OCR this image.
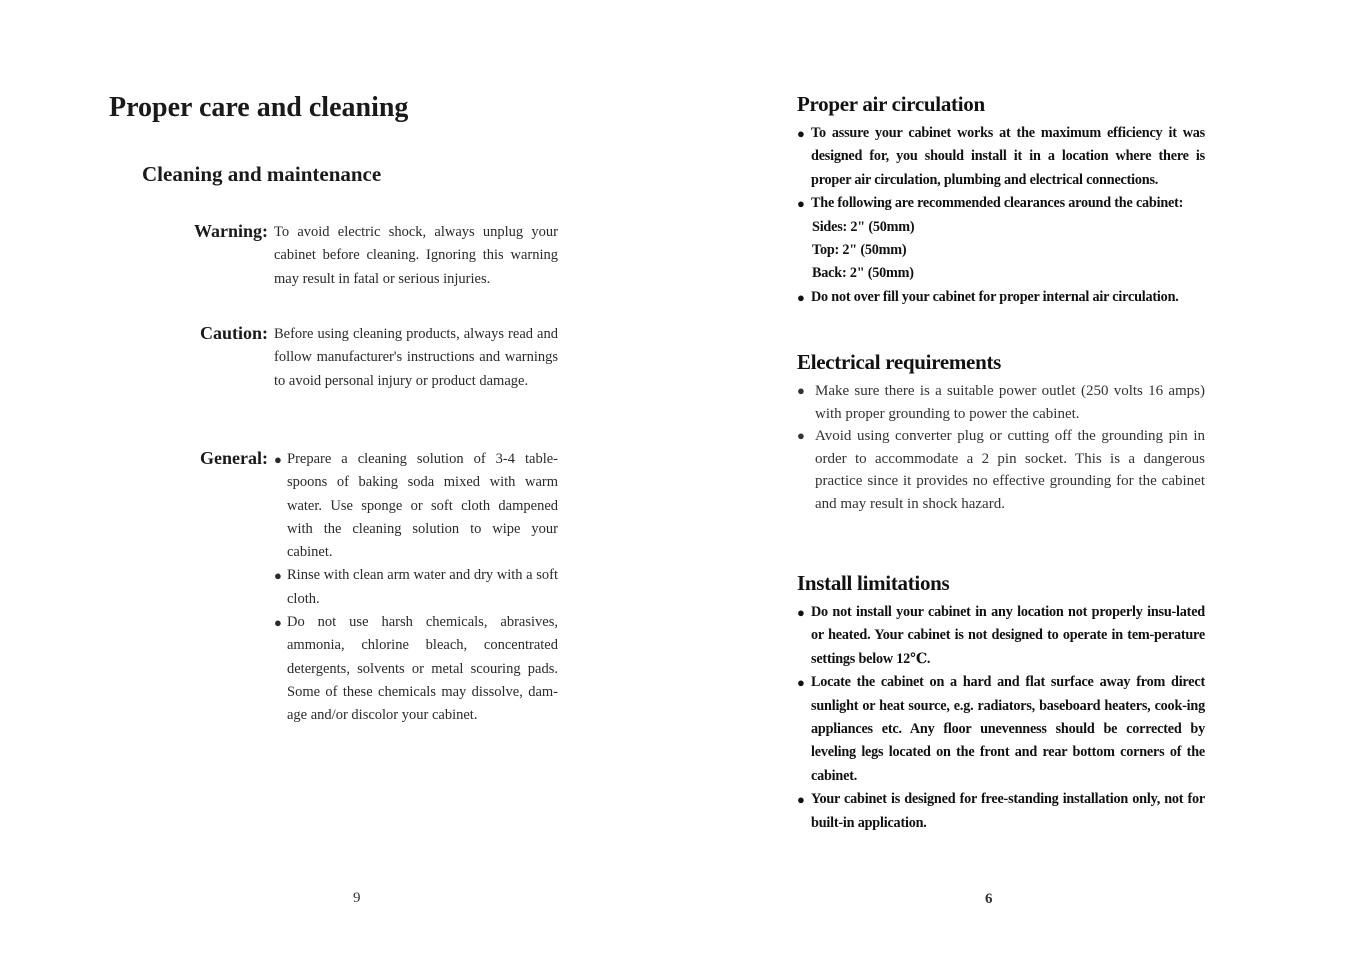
Proper care and cleaning
Cleaning and maintenance
Warning: To avoid electric shock, always unplug your cabinet before cleaning. Ignoring this warning may result in fatal or serious injuries.
Caution: Before using cleaning products, always read and follow manufacturer's instructions and warnings to avoid personal injury or product damage.
General: ● Prepare a cleaning solution of 3-4 table-spoons of baking soda mixed with warm water. Use sponge or soft cloth dampened with the cleaning solution to wipe your cabinet.
● Rinse with clean arm water and dry with a soft cloth.
● Do not use harsh chemicals, abrasives, ammonia, chlorine bleach, concentrated detergents, solvents or metal scouring pads. Some of these chemicals may dissolve, dam-age and/or discolor your cabinet.
9
Proper air circulation
● To assure your cabinet works at the maximum efficiency it was designed for, you should install it in a location where there is proper air circulation, plumbing and electrical connections.
● The following are recommended clearances around the cabinet:
Sides: 2" (50mm)
Top: 2" (50mm)
Back: 2" (50mm)
● Do not over fill your cabinet for proper internal air circulation.
Electrical requirements
● Make sure there is a suitable power outlet (250 volts 16 amps) with proper grounding to power the cabinet.
● Avoid using converter plug or cutting off the grounding pin in order to accommodate a 2 pin socket. This is a dangerous practice since it provides no effective grounding for the cabinet and may result in shock hazard.
Install limitations
● Do not install your cabinet in any location not properly insu-lated or heated. Your cabinet is not designed to operate in tem-perature settings below 12℃.
● Locate the cabinet on a hard and flat surface away from direct sunlight or heat source, e.g. radiators, baseboard heaters, cook-ing appliances etc. Any floor unevenness should be corrected by leveling legs located on the front and rear bottom corners of the cabinet.
● Your cabinet is designed for free-standing installation only, not for built-in application.
6
